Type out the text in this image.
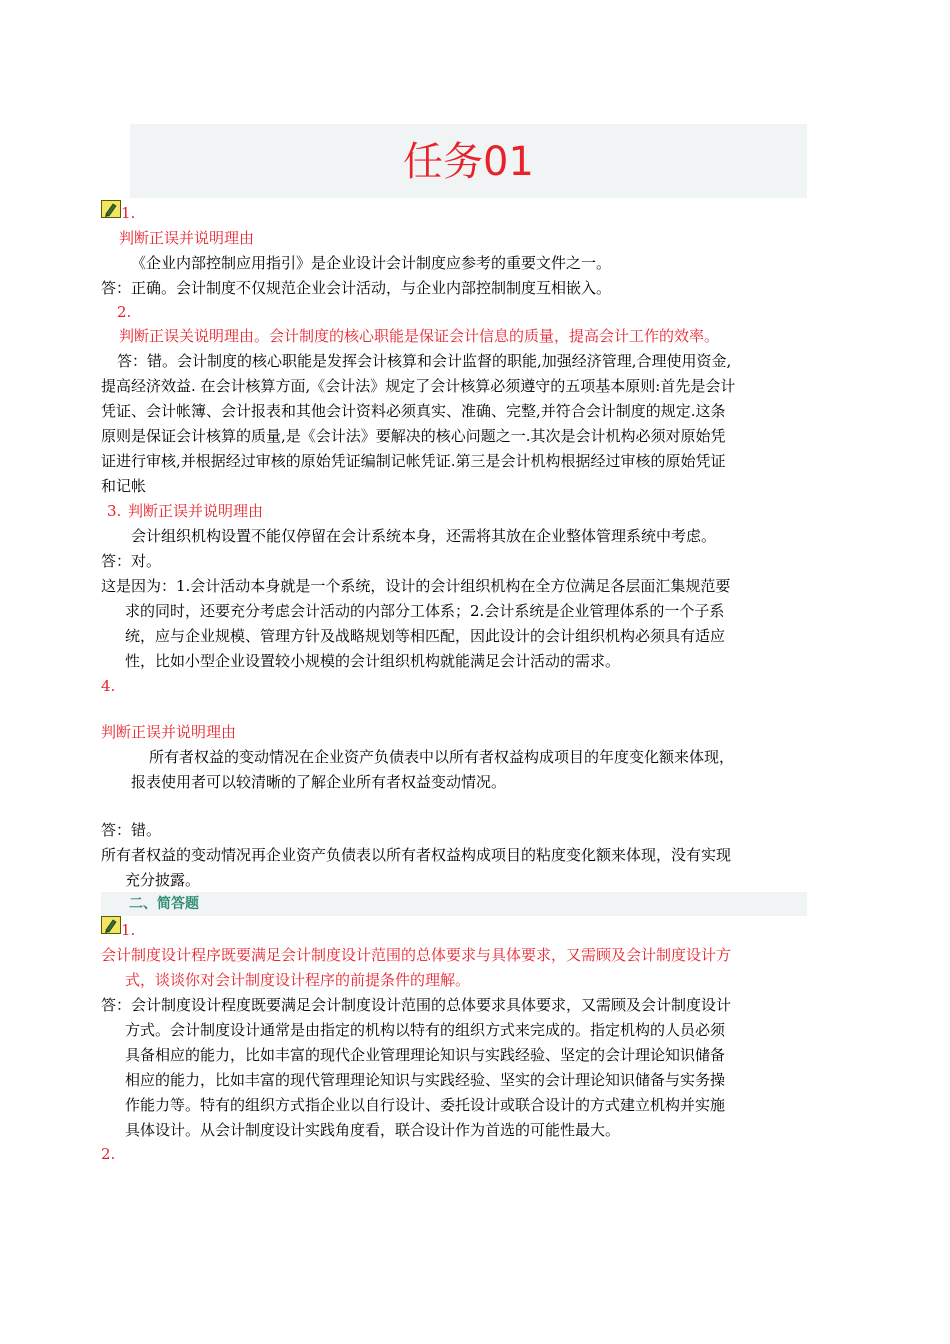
任务01
1.
判断正误并说明理由
《企业内部控制应用指引》是企业设计会计制度应参考的重要文件之一。
答：正确。会计制度不仅规范企业会计活动，与企业内部控制制度互相嵌入。
2.
判断正误关说明理由。会计制度的核心职能是保证会计信息的质量，提高会计工作的效率。
答：错。会计制度的核心职能是发挥会计核算和会计监督的职能,加强经济管理,合理使用资金,
提高经济效益. 在会计核算方面,《会计法》规定了会计核算必须遵守的五项基本原则:首先是会计
凭证、会计帐簿、会计报表和其他会计资料必须真实、准确、完整,并符合会计制度的规定.这条
原则是保证会计核算的质量,是《会计法》要解决的核心问题之一.其次是会计机构必须对原始凭
证进行审核,并根据经过审核的原始凭证编制记帐凭证.第三是会计机构根据经过审核的原始凭证
和记帐
3. 判断正误并说明理由
会计组织机构设置不能仅停留在会计系统本身，还需将其放在企业整体管理系统中考虑。
答：对。
这是因为：1.会计活动本身就是一个系统，设计的会计组织机构在全方位满足各层面汇集规范要
求的同时，还要充分考虑会计活动的内部分工体系；2.会计系统是企业管理体系的一个子系
统，应与企业规模、管理方针及战略规划等相匹配，因此设计的会计组织机构必须具有适应
性，比如小型企业设置较小规模的会计组织机构就能满足会计活动的需求。
4.
判断正误并说明理由
所有者权益的变动情况在企业资产负债表中以所有者权益构成项目的年度变化额来体现，
报表使用者可以较清晰的了解企业所有者权益变动情况。
答：错。
所有者权益的变动情况再企业资产负债表以所有者权益构成项目的粘度变化额来体现，没有实现
充分披露。
二、简答题
1.
会计制度设计程序既要满足会计制度设计范围的总体要求与具体要求，又需顾及会计制度设计方
式，谈谈你对会计制度设计程序的前提条件的理解。
答：会计制度设计程度既要满足会计制度设计范围的总体要求具体要求，又需顾及会计制度设计
方式。会计制度设计通常是由指定的机构以特有的组织方式来完成的。指定机构的人员必须
具备相应的能力，比如丰富的现代企业管理理论知识与实践经验、坚定的会计理论知识储备
相应的能力，比如丰富的现代管理理论知识与实践经验、坚实的会计理论知识储备与实务操
作能力等。特有的组织方式指企业以自行设计、委托设计或联合设计的方式建立机构并实施
具体设计。从会计制度设计实践角度看，联合设计作为首选的可能性最大。
2.
